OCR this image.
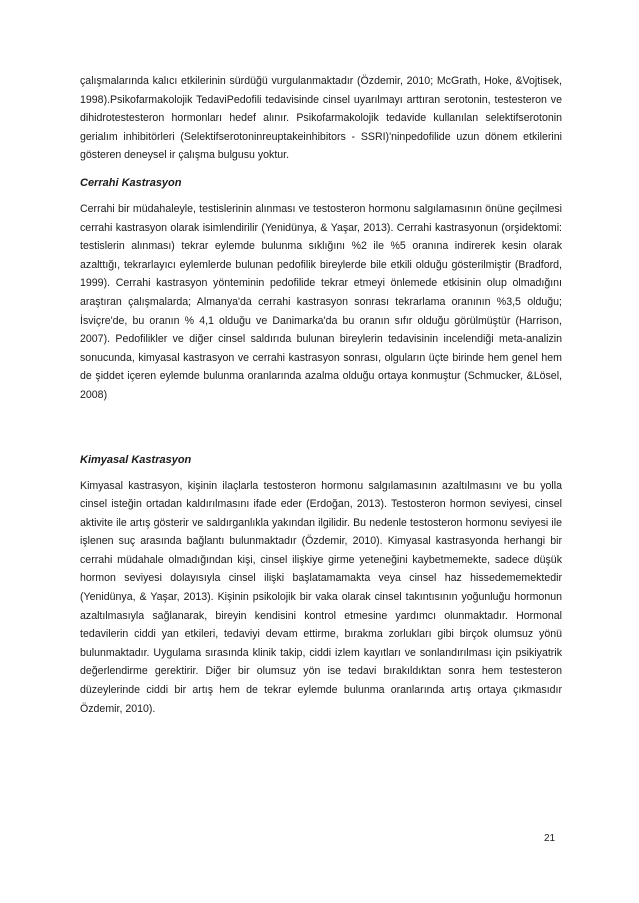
çalışmalarında kalıcı etkilerinin sürdüğü vurgulanmaktadır (Özdemir, 2010; McGrath, Hoke, &Vojtisek, 1998).Psikofarmakolojik TedaviPedofili tedavisinde cinsel uyarılmayı arttıran serotonin, testesteron ve dihidrotestesteron hormonları hedef alınır. Psikofarmakolojik tedavide kullanılan selektifserotonin gerialım inhibitörleri (Selektifserotoninreuptakeinhibitors - SSRI)'ninpedofilide uzun dönem etkilerini gösteren deneysel ir çalışma bulgusu yoktur.

Cerrahi Kastrasyon

Cerrahi bir müdahaleyle, testislerinin alınması ve testosteron hormonu salgılamasının önüne geçilmesi cerrahi kastrasyon olarak isimlendirilir (Yenidünya, & Yaşar, 2013). Cerrahi kastrasyonun (orşidektomi: testislerin alınması) tekrar eylemde bulunma sıklığını %2 ile %5 oranına indirerek kesin olarak azalttığı, tekrarlayıcı eylemlerde bulunan pedofilik bireylerde bile etkili olduğu gösterilmiştir (Bradford, 1999). Cerrahi kastrasyon yönteminin pedofilide tekrar etmeyi önlemede etkisinin olup olmadığını araştıran çalışmalarda; Almanya'da cerrahi kastrasyon sonrası tekrarlama oranının %3,5 olduğu; İsviçre'de, bu oranın % 4,1 olduğu ve Danimarka'da bu oranın sıfır olduğu görülmüştür (Harrison, 2007). Pedofilikler ve diğer cinsel saldırıda bulunan bireylerin tedavisinin incelendiği meta-analizin sonucunda, kimyasal kastrasyon ve cerrahi kastrasyon sonrası, olguların üçte birinde hem genel hem de şiddet içeren eylemde bulunma oranlarında azalma olduğu ortaya konmuştur (Schmucker, &Lösel, 2008)

Kimyasal Kastrasyon

Kimyasal kastrasyon, kişinin ilaçlarla testosteron hormonu salgılamasının azaltılmasını ve bu yolla cinsel isteğin ortadan kaldırılmasını ifade eder (Erdoğan, 2013). Testosteron hormon seviyesi, cinsel aktivite ile artış gösterir ve saldırganlıkla yakından ilgilidir. Bu nedenle testosteron hormonu seviyesi ile işlenen suç arasında bağlantı bulunmaktadır (Özdemir, 2010). Kimyasal kastrasyonda herhangi bir cerrahi müdahale olmadığından kişi, cinsel ilişkiye girme yeteneğini kaybetmemekte, sadece düşük hormon seviyesi dolayısıyla cinsel ilişki başlatamamakta veya cinsel haz hissedememektedir (Yenidünya, & Yaşar, 2013). Kişinin psikolojik bir vaka olarak cinsel takıntısının yoğunluğu hormonun azaltılmasıyla sağlanarak, bireyin kendisini kontrol etmesine yardımcı olunmaktadır. Hormonal tedavilerin ciddi yan etkileri, tedaviyi devam ettirme, bırakma zorlukları gibi birçok olumsuz yönü bulunmaktadır. Uygulama sırasında klinik takip, ciddi izlem kayıtları ve sonlandırılması için psikiyatrik değerlendirme gerektirir. Diğer bir olumsuz yön ise tedavi bırakıldıktan sonra hem testesteron düzeylerinde ciddi bir artış hem de tekrar eylemde bulunma oranlarında artış ortaya çıkmasıdır Özdemir, 2010).

21
